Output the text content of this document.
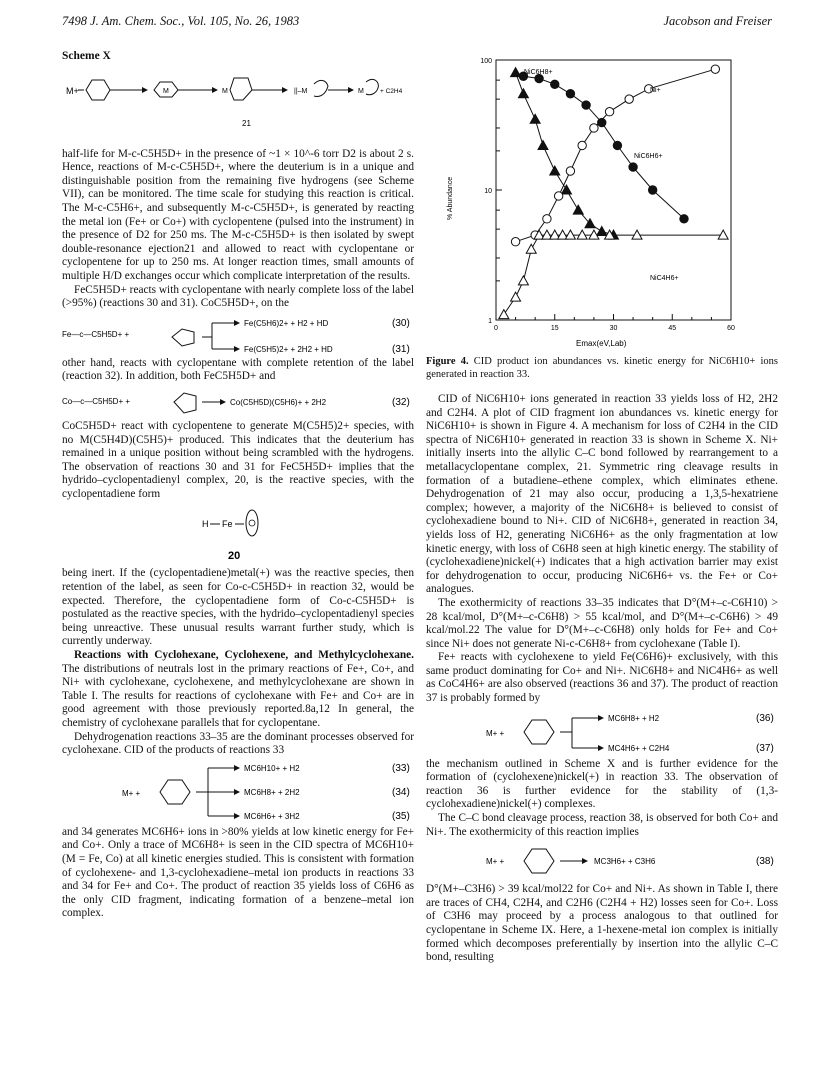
7498 J. Am. Chem. Soc., Vol. 105, No. 26, 1983	Jacobson and Freiser
Scheme X
M+	M	M
21
||–M	M + C2H4

half-life for M-c-C5H5D+ in the presence of ~1 × 10^-6 torr D2 is about 2 s. Hence, reactions of M-c-C5H5D+, where the deuterium is in a unique and distinguishable position from the remaining five hydrogens (see Scheme VII), can be monitored. The time scale for studying this reaction is critical. The M-c-C5H6+, and subsequently M-c-C5H5D+, is generated by reacting the metal ion (Fe+ or Co+) with cyclopentene (pulsed into the instrument) in the presence of D2 for 250 ms. The M-c-C5H5D+ is then isolated by swept double-resonance ejection21 and allowed to react with cyclopentane or cyclopentene for up to 250 ms. At longer reaction times, small amounts of multiple H/D exchanges occur which complicate interpretation of the results.

FeC5H5D+ reacts with cyclopentane with nearly complete loss of the label (>95%) (reactions 30 and 31). CoC5H5D+, on the

Fe—c—C5H5D+ +
Fe(C5H6)2+ + H2 + HD	(30)
Fe(C5H5)2+ + 2H2 + HD	(31)

other hand, reacts with cyclopentane with complete retention of the label (reaction 32). In addition, both FeC5H5D+ and

Co—c—C5H5D+ +	Co(C5H5D)(C5H6)+ + 2H2	(32)

CoC5H5D+ react with cyclopentene to generate M(C5H5)2+ species, with no M(C5H4D)(C5H5)+ produced. This indicates that the deuterium has remained in a unique position without being scrambled with the hydrogens. The observation of reactions 30 and 31 for FeC5H5D+ implies that the hydrido–cyclopentadienyl complex, 20, is the reactive species, with the cyclopentadiene form

H Fe
20

being inert. If the (cyclopentadiene)metal(+) was the reactive species, then retention of the label, as seen for Co-c-C5H5D+ in reaction 32, would be expected. Therefore, the cyclopentadiene form of Co-c-C5H5D+ is postulated as the reactive species, with the hydrido–cyclopentadienyl species being unreactive. These unusual results warrant further study, which is currently underway.

Reactions with Cyclohexane, Cyclohexene, and Methylcyclohexane. The distributions of neutrals lost in the primary reactions of Fe+, Co+, and Ni+ with cyclohexane, cyclohexene, and methylcyclohexane are shown in Table I. The results for reactions of cyclohexane with Fe+ and Co+ are in good agreement with those previously reported.8a,12 In general, the chemistry of cyclohexane parallels that for cyclopentane.

Dehydrogenation reactions 33–35 are the dominant processes observed for cyclohexane. CID of the products of reactions 33

M+ +
MC6H10+ + H2	(33)
MC6H8+ + 2H2	(34)
MC6H6+ + 3H2	(35)

and 34 generates MC6H6+ ions in >80% yields at low kinetic energy for Fe+ and Co+. Only a trace of MC6H8+ is seen in the CID spectra of MC6H10+ (M = Fe, Co) at all kinetic energies studied. This is consistent with formation of cyclohexene- and 1,3-cyclohexadiene–metal ion products in reactions 33 and 34 for Fe+ and Co+. The product of reaction 35 yields loss of C6H6 as the only CID fragment, indicating formation of a benzene–metal ion complex.

100
10
1
0	15	30	45	60
% Abundance
Emax(eV,Lab)
NiC6H8+
Ni+
NiC6H6+
NiC4H6+
Figure 4. CID product ion abundances vs. kinetic energy for NiC6H10+ ions generated in reaction 33.

CID of NiC6H10+ ions generated in reaction 33 yields loss of H2, 2H2 and C2H4. A plot of CID fragment ion abundances vs. kinetic energy for NiC6H10+ is shown in Figure 4. A mechanism for loss of C2H4 in the CID spectra of NiC6H10+ generated in reaction 33 is shown in Scheme X. Ni+ initially inserts into the allylic C–C bond followed by rearrangement to a metallacyclopentane complex, 21. Symmetric ring cleavage results in formation of a butadiene–ethene complex, which eliminates ethene. Dehydrogenation of 21 may also occur, producing a 1,3,5-hexatriene complex; however, a majority of the NiC6H8+ is believed to consist of cyclohexadiene bound to Ni+. CID of NiC6H8+, generated in reaction 34, yields loss of H2, generating NiC6H6+ as the only fragmentation at low kinetic energy, with loss of C6H8 seen at high kinetic energy. The stability of (cyclohexadiene)nickel(+) indicates that a high activation barrier may exist for dehydrogenation to occur, producing NiC6H6+ vs. the Fe+ or Co+ analogues.

The exothermicity of reactions 33–35 indicates that D°(M+–c-C6H10) > 28 kcal/mol, D°(M+–c-C6H8) > 55 kcal/mol, and D°(M+–c-C6H6) > 49 kcal/mol.22 The value for D°(M+–c-C6H8) only holds for Fe+ and Co+ since Ni+ does not generate Ni-c-C6H8+ from cyclohexane (Table I).

Fe+ reacts with cyclohexene to yield Fe(C6H6)+ exclusively, with this same product dominating for Co+ and Ni+. NiC6H8+ and NiC4H6+ as well as CoC4H6+ are also observed (reactions 36 and 37). The product of reaction 37 is probably formed by

M+ +
MC6H8+ + H2	(36)
MC4H6+ + C2H4	(37)

the mechanism outlined in Scheme X and is further evidence for the formation of (cyclohexene)nickel(+) in reaction 33. The observation of reaction 36 is further evidence for the stability of (1,3-cyclohexadiene)nickel(+) complexes.

The C–C bond cleavage process, reaction 38, is observed for both Co+ and Ni+. The exothermicity of this reaction implies

M+ +	MC3H6+ + C3H6	(38)

D°(M+–C3H6) > 39 kcal/mol22 for Co+ and Ni+. As shown in Table I, there are traces of CH4, C2H4, and C2H6 (C2H4 + H2) losses seen for Co+. Loss of C3H6 may proceed by a process analogous to that outlined for cyclopentane in Scheme IX. Here, a 1-hexene-metal ion complex is initially formed which decomposes preferentially by insertion into the allylic C–C bond, resulting
